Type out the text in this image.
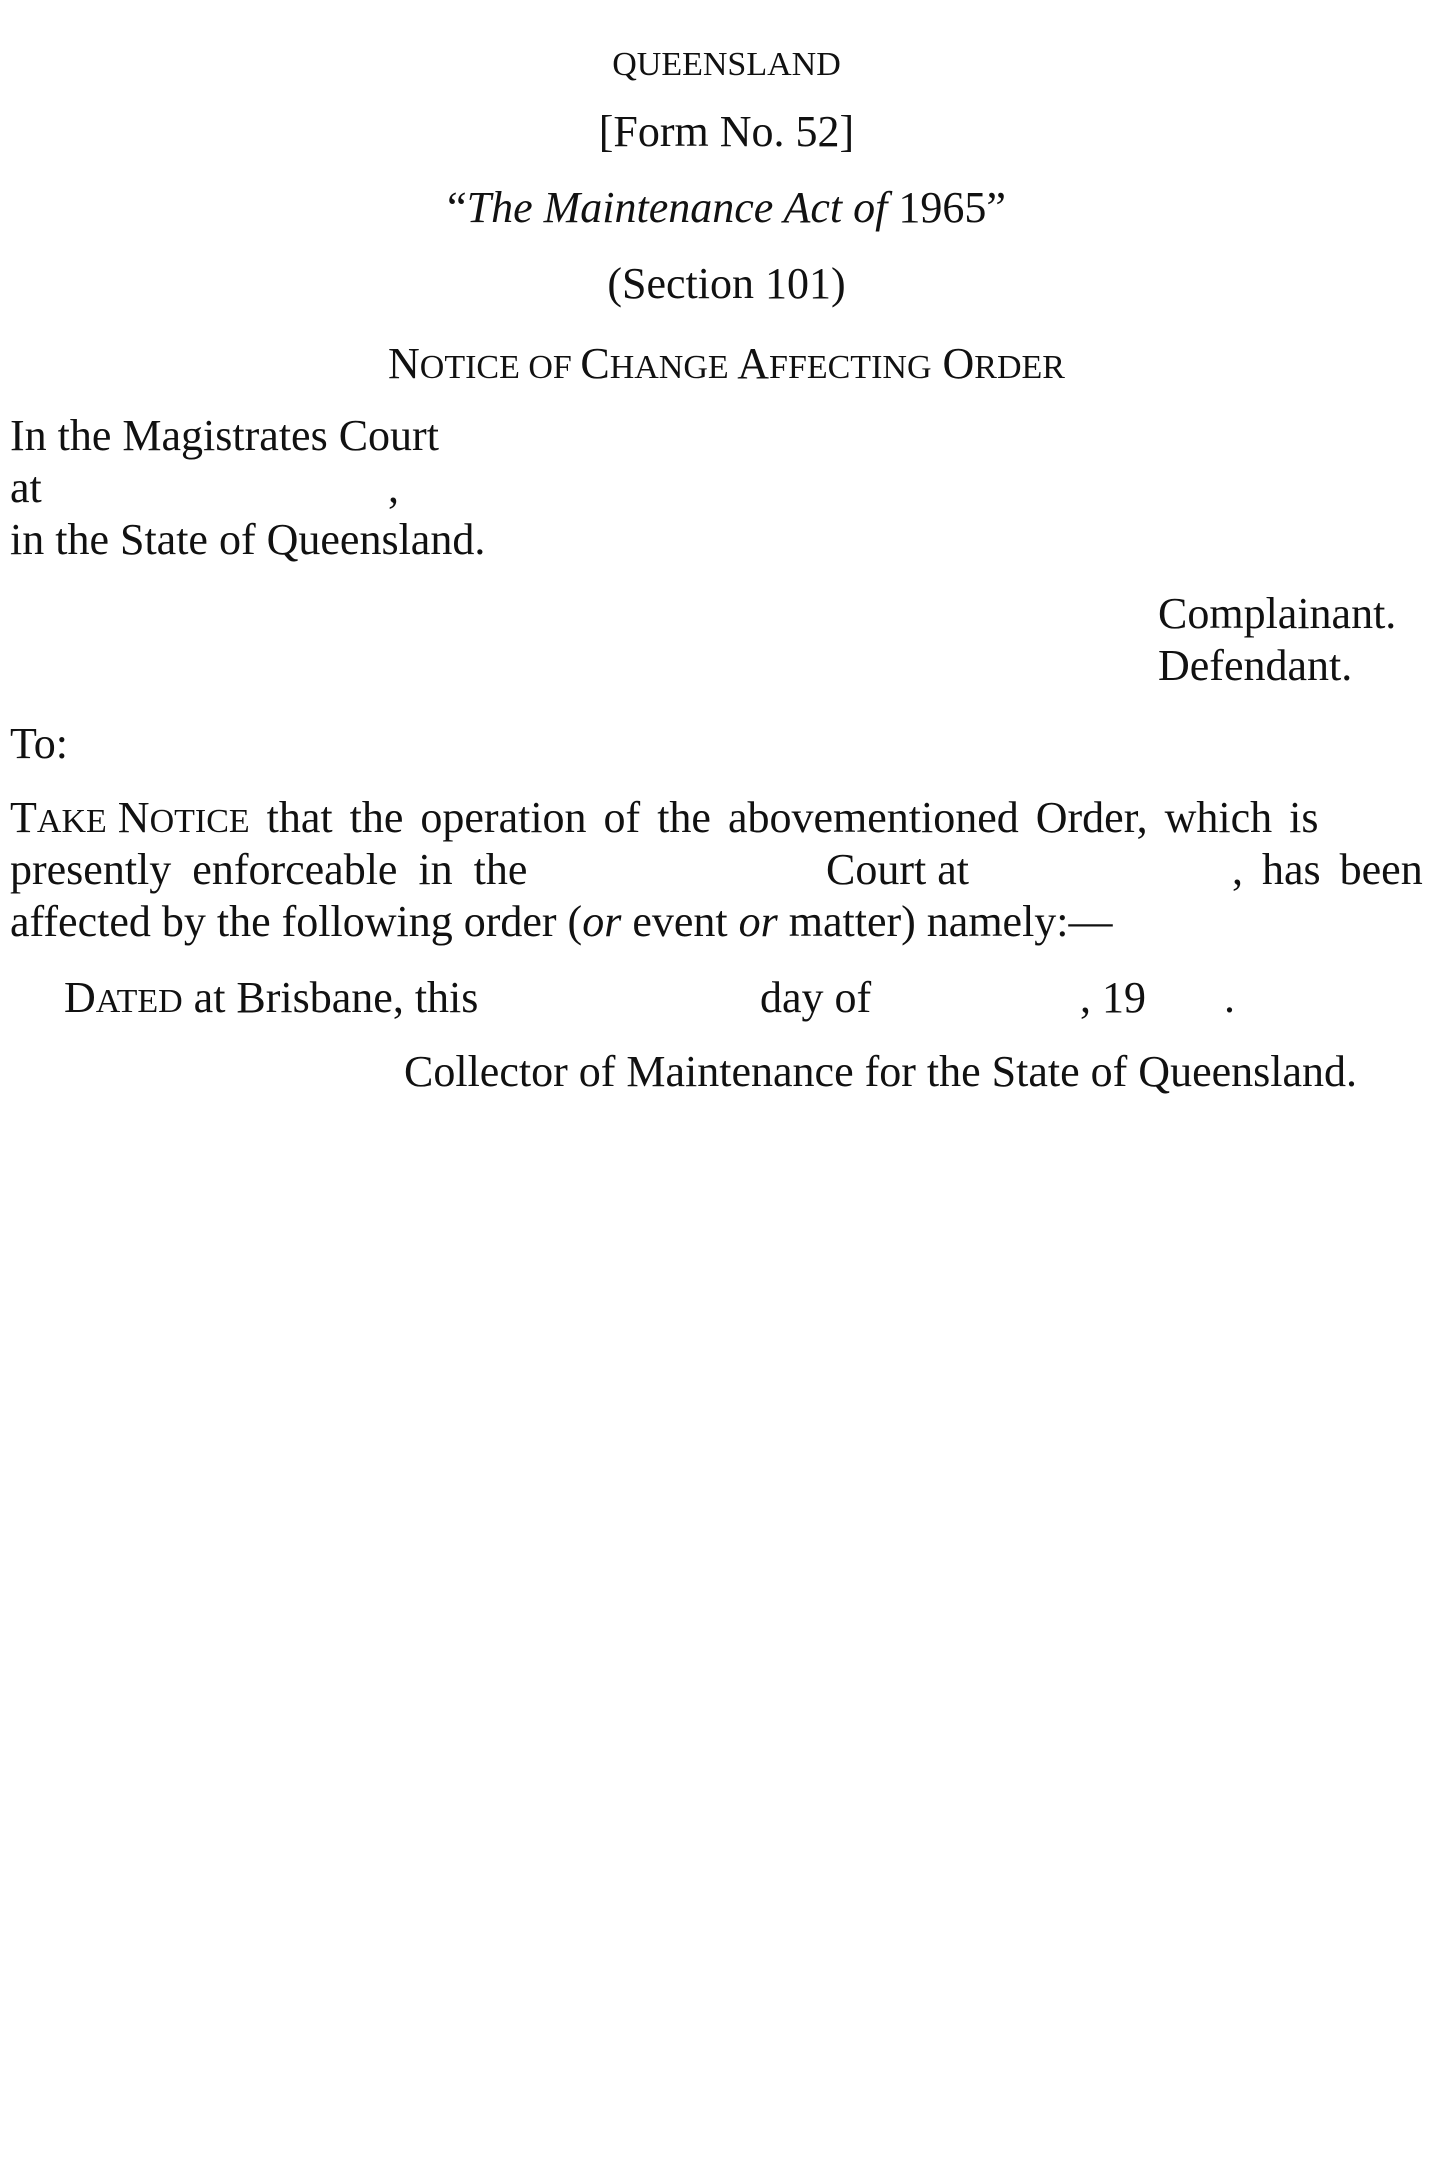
QUEENSLAND
[Form No. 52]
“The Maintenance Act of 1965”
(Section 101)
NOTICE OF CHANGE AFFECTING ORDER
In the Magistrates Court
at	,
in the State of Queensland.
Complainant.
Defendant.
To:
TAKE NOTICE that the operation of the abovementioned Order, which is
presently enforceable in the	Court at	, has been
affected by the following order (or event or matter) namely:—
DATED at Brisbane, this	day of	, 19 .
Collector of Maintenance for the State of Queensland.
